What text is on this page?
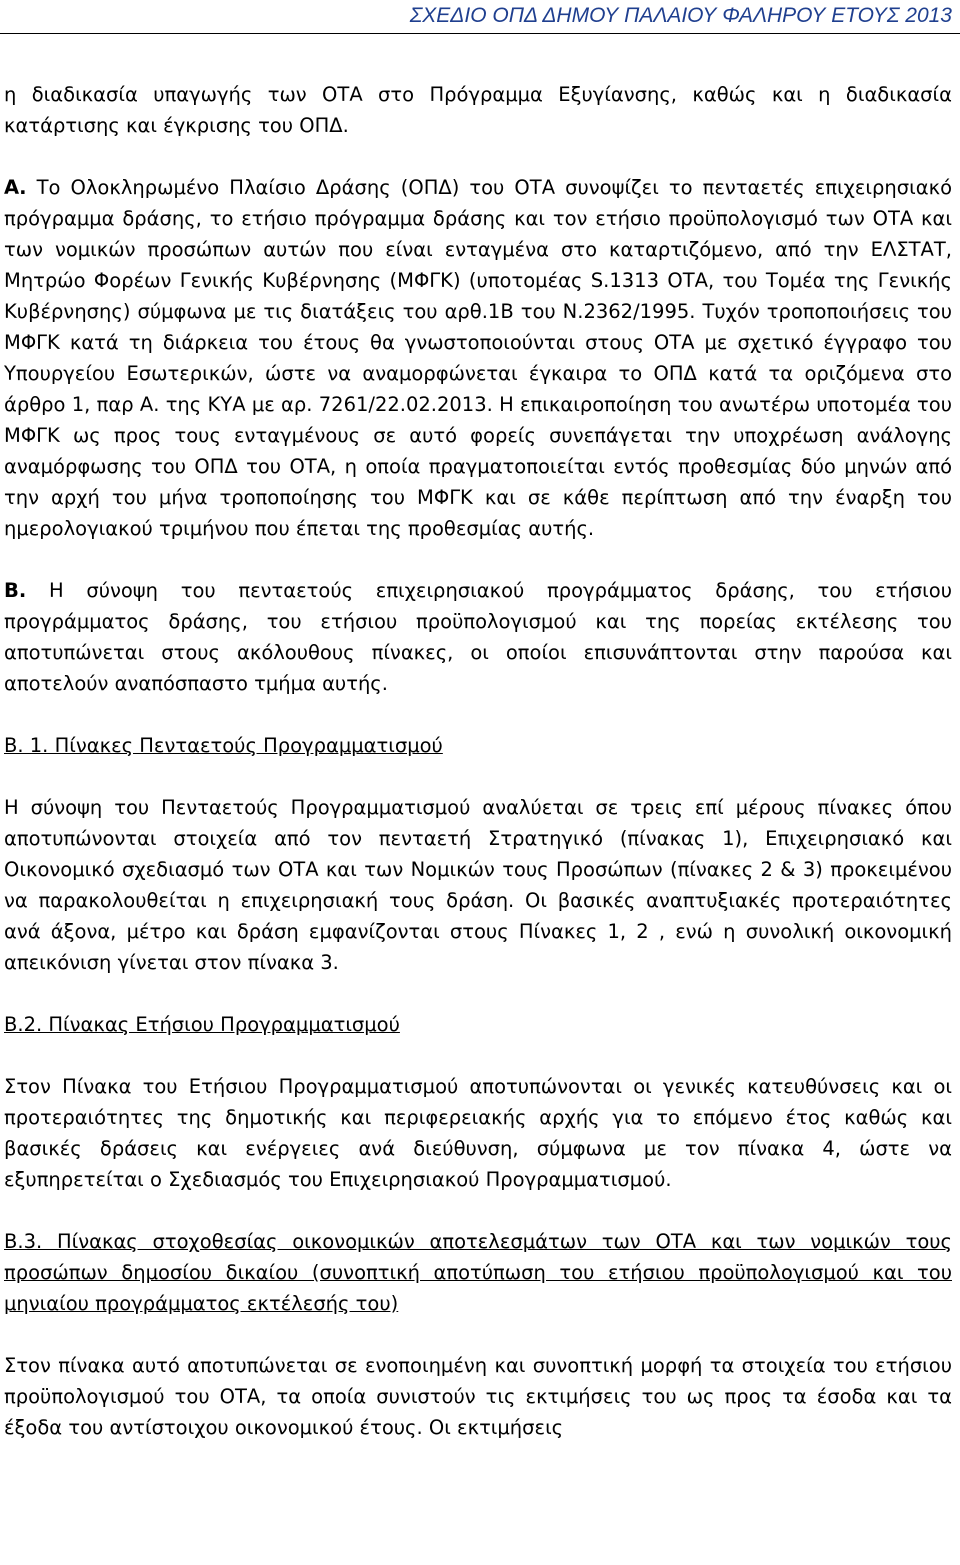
ΣΧΕΔΙΟ ΟΠΔ ΔΗΜΟΥ ΠΑΛΑΙΟΥ ΦΑΛΗΡΟΥ ΕΤΟΥΣ 2013

η διαδικασία υπαγωγής των ΟΤΑ στο Πρόγραμμα Εξυγίανσης, καθώς και η διαδικασία κατάρτισης και έγκρισης του ΟΠΔ.

Α. Το Ολοκληρωμένο Πλαίσιο Δράσης (ΟΠΔ) του ΟΤΑ συνοψίζει το πενταετές επιχειρησιακό πρόγραμμα δράσης, το ετήσιο πρόγραμμα δράσης και τον ετήσιο προϋπολογισμό των ΟΤΑ και των νομικών προσώπων αυτών που είναι ενταγμένα στο καταρτιζόμενο, από την ΕΛΣΤΑΤ, Μητρώο Φορέων Γενικής Κυβέρνησης (ΜΦΓΚ) (υποτομέας S.1313 ΟΤΑ, του Τομέα της Γενικής Κυβέρνησης) σύμφωνα με τις διατάξεις του αρθ.1Β του Ν.2362/1995. Τυχόν τροποποιήσεις του ΜΦΓΚ κατά τη διάρκεια του έτους θα γνωστοποιούνται στους ΟΤΑ με σχετικό έγγραφο του Υπουργείου Εσωτερικών, ώστε να αναμορφώνεται έγκαιρα το ΟΠΔ κατά τα οριζόμενα στο άρθρο 1, παρ Α. της ΚΥΑ με αρ. 7261/22.02.2013. Η επικαιροποίηση του ανωτέρω υποτομέα του ΜΦΓΚ ως προς τους ενταγμένους σε αυτό φορείς συνεπάγεται την υποχρέωση ανάλογης αναμόρφωσης του ΟΠΔ του ΟΤΑ, η οποία πραγματοποιείται εντός προθεσμίας δύο μηνών από την αρχή του μήνα τροποποίησης του ΜΦΓΚ και σε κάθε περίπτωση από την έναρξη του ημερολογιακού τριμήνου που έπεται της προθεσμίας αυτής.

Β. Η σύνοψη του πενταετούς επιχειρησιακού προγράμματος δράσης, του ετήσιου προγράμματος δράσης, του ετήσιου προϋπολογισμού και της πορείας εκτέλεσης του αποτυπώνεται στους ακόλουθους πίνακες, οι οποίοι επισυνάπτονται στην παρούσα και αποτελούν αναπόσπαστο τμήμα αυτής.

Β. 1. Πίνακες Πενταετούς Προγραμματισμού

Η σύνοψη του Πενταετούς Προγραμματισμού αναλύεται σε τρεις επί μέρους πίνακες όπου αποτυπώνονται στοιχεία από τον πενταετή Στρατηγικό (πίνακας 1), Επιχειρησιακό και Οικονομικό σχεδιασμό των ΟΤΑ και των Νομικών τους Προσώπων (πίνακες 2 & 3) προκειμένου να παρακολουθείται η επιχειρησιακή τους δράση. Οι βασικές αναπτυξιακές προτεραιότητες ανά άξονα, μέτρο και δράση εμφανίζονται στους Πίνακες 1, 2 , ενώ η συνολική οικονομική απεικόνιση γίνεται στον πίνακα 3.

Β.2. Πίνακας Ετήσιου Προγραμματισμού

Στον Πίνακα του Ετήσιου Προγραμματισμού αποτυπώνονται οι γενικές κατευθύνσεις και οι προτεραιότητες της δημοτικής και περιφερειακής αρχής για το επόμενο έτος καθώς και βασικές δράσεις και ενέργειες ανά διεύθυνση, σύμφωνα με τον πίνακα 4, ώστε να εξυπηρετείται ο Σχεδιασμός του Επιχειρησιακού Προγραμματισμού.

Β.3. Πίνακας στοχοθεσίας οικονομικών αποτελεσμάτων των ΟΤΑ και των νομικών τους προσώπων δημοσίου δικαίου (συνοπτική αποτύπωση του ετήσιου προϋπολογισμού και του μηνιαίου προγράμματος εκτέλεσής του)

Στον πίνακα αυτό αποτυπώνεται σε ενοποιημένη και συνοπτική μορφή τα στοιχεία του ετήσιου προϋπολογισμού του ΟΤΑ, τα οποία συνιστούν τις εκτιμήσεις του ως προς τα έσοδα και τα έξοδα του αντίστοιχου οικονομικού έτους. Οι εκτιμήσεις
